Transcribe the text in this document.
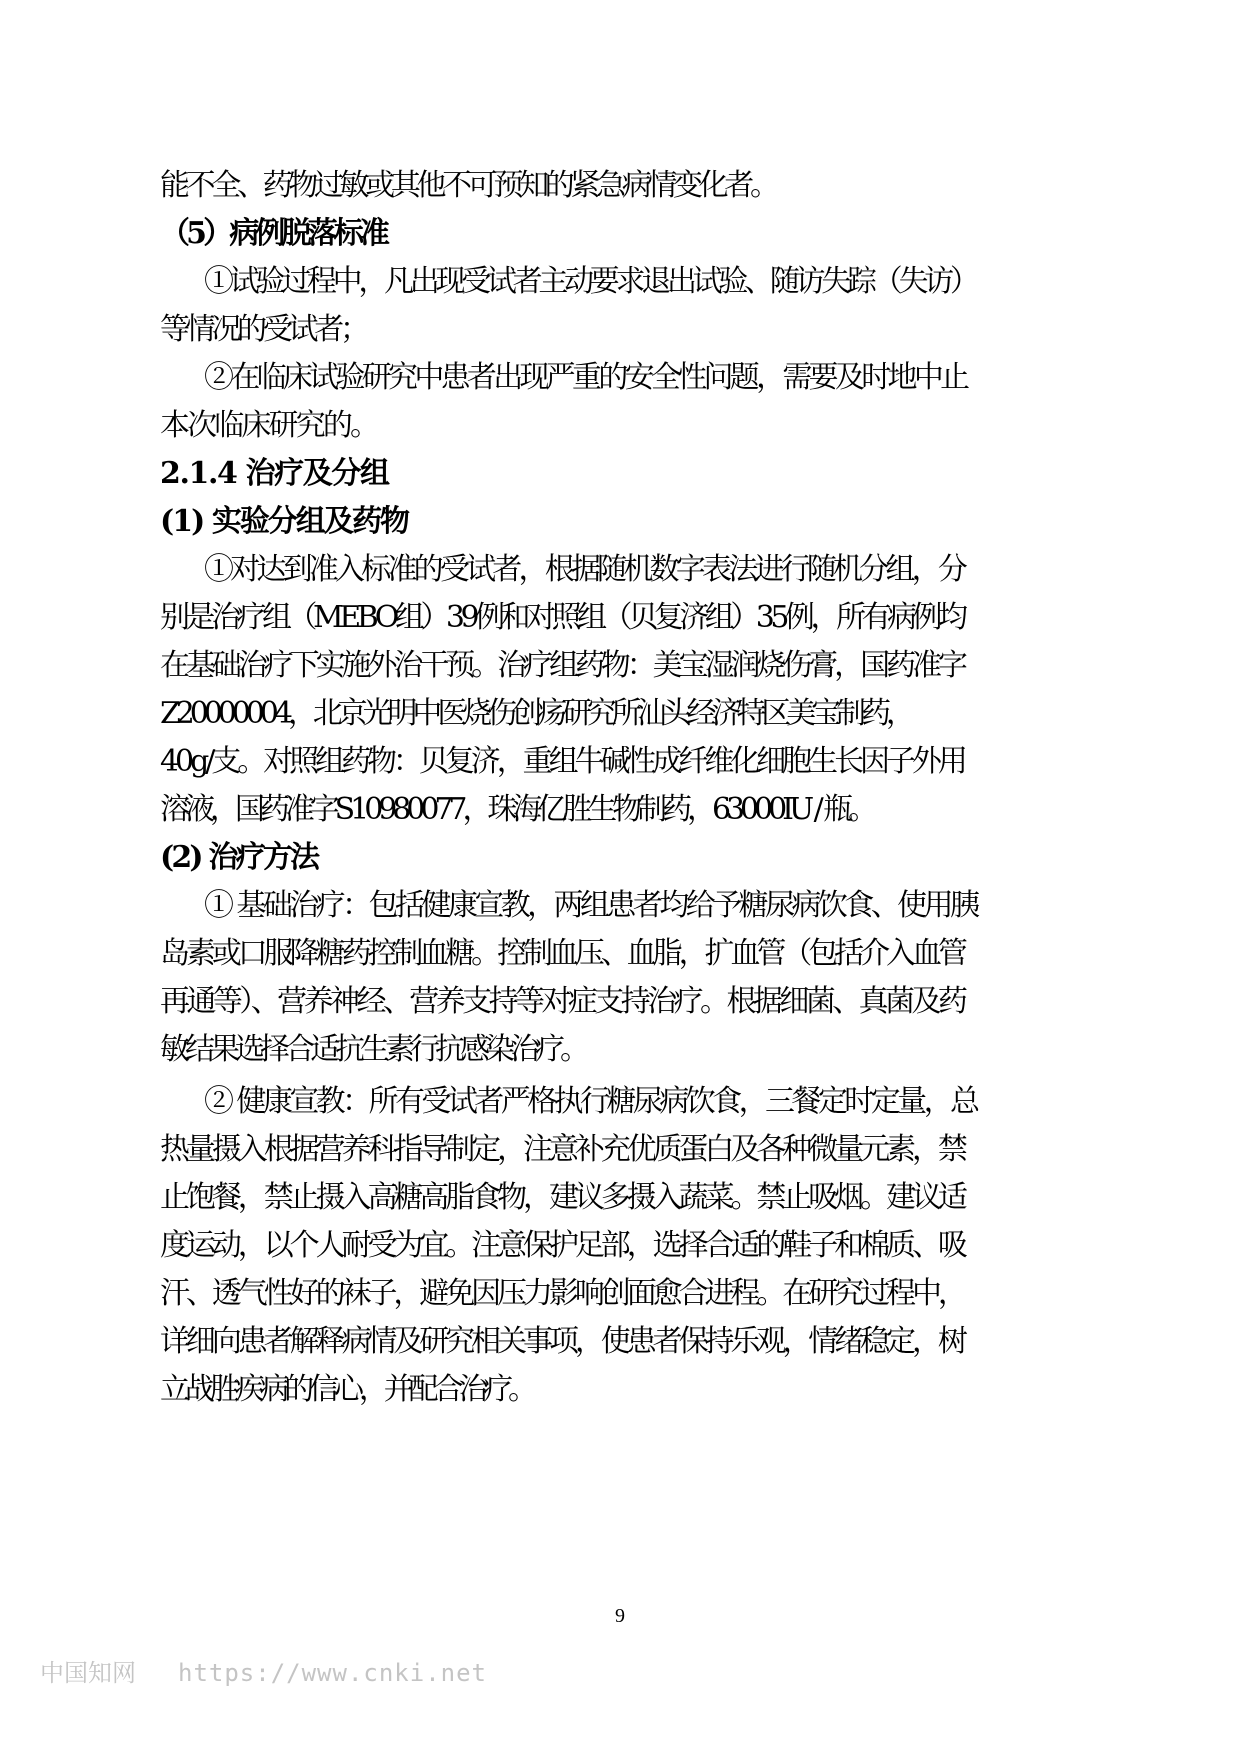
能不全、药物过敏或其他不可预知的紧急病情变化者。
（5）病例脱落标准
①试验过程中，凡出现受试者主动要求退出试验、随访失踪（失访）
等情况的受试者；
②在临床试验研究中患者出现严重的安全性问题，需要及时地中止
本次临床研究的。
2.1.4 治疗及分组
(1) 实验分组及药物
①对达到准入标准的受试者，根据随机数字表法进行随机分组，分
别是治疗组（MEBO组）39例和对照组（贝复济组）35例，所有病例均
在基础治疗下实施外治干预。治疗组药物：美宝湿润烧伤膏，国药准字
Z20000004，北京光明中医烧伤创疡研究所汕头经济特区美宝制药，
40g/支。对照组药物：贝复济，重组牛碱性成纤维化细胞生长因子外用
溶液，国药准字S10980077，珠海亿胜生物制药，63000IU / 瓶。
(2) 治疗方法
① 基础治疗：包括健康宣教，两组患者均给予糖尿病饮食、使用胰
岛素或口服降糖药控制血糖。控制血压、血脂，扩血管（包括介入血管
再通等）、营养神经、营养支持等对症支持治疗。根据细菌、真菌及药
敏结果选择合适抗生素行抗感染治疗。
② 健康宣教：所有受试者严格执行糖尿病饮食，三餐定时定量，总
热量摄入根据营养科指导制定，注意补充优质蛋白及各种微量元素，禁
止饱餐，禁止摄入高糖高脂食物，建议多摄入蔬菜。禁止吸烟。建议适
度运动，以个人耐受为宜。注意保护足部，选择合适的鞋子和棉质、吸
汗、透气性好的袜子，避免因压力影响创面愈合进程。在研究过程中，
详细向患者解释病情及研究相关事项，使患者保持乐观，情绪稳定，树
立战胜疾病的信心，并配合治疗。
9
中国知网 https://www.cnki.net
